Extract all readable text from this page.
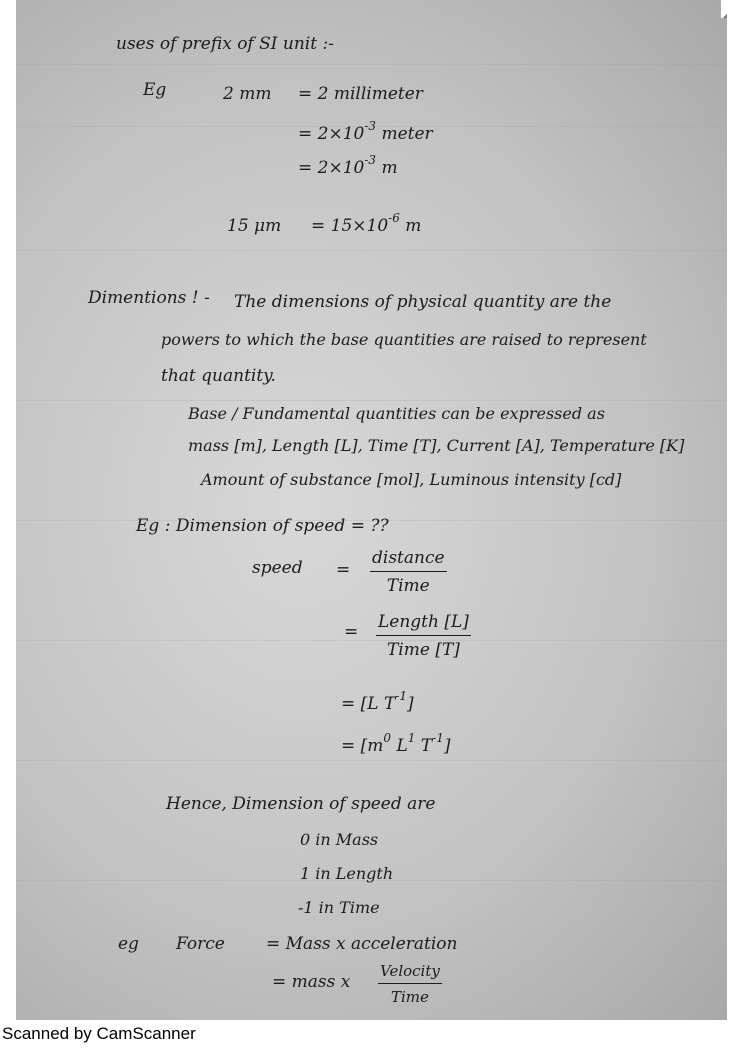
uses of prefix of SI unit :-
Eg	2 mm = 2 millimeter
= $2\times 10^{-3}$ meter
= $2\times 10^{-3}$ m
15 $\mu m = 15\times 10^{-6}$ m
Dimentions ! - The dimensions of physical quantity are the
powers to which the base quantities are raised to represent
that quantity.
Base / Fundamental quantities can be expressed as
mass [m], Length [L], Time [T], Current [A], Temperature [K]
Amount of substance [mol], Luminous intensity [cd]
Eg : Dimension of speed = ??
speed =
distance
Time
= Length [L]
Time [T]
= [L $T^{-1}$]
= [$m^0$ $L^1$ $T^{-1}$]
Hence, Dimension of speed are
0 in Mass
1 in Length
-1 in Time
eg Force = Mass x acceleration
= mass x
Velocity
Time
Scanned by CamScanner
